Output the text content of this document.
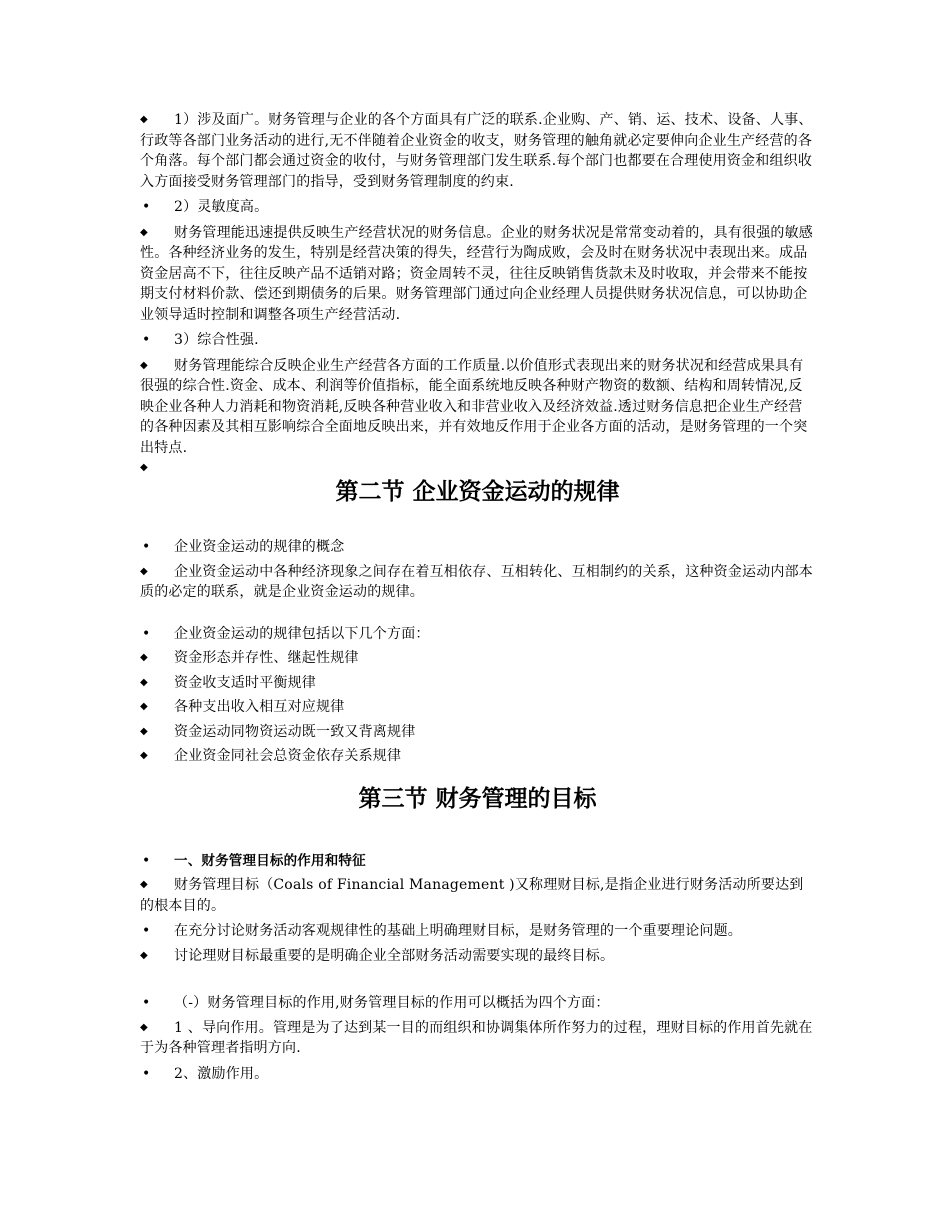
◆	1）涉及面广。财务管理与企业的各个方面具有广泛的联系.企业购、产、销、运、技术、设备、人事、行政等各部门业务活动的进行,无不伴随着企业资金的收支，财务管理的触角就必定要伸向企业生产经营的各个角落。每个部门都会通过资金的收付，与财务管理部门发生联系.每个部门也都要在合理使用资金和组织收入方面接受财务管理部门的指导，受到财务管理制度的约束.

•	2）灵敏度高。

◆	财务管理能迅速提供反映生产经营状况的财务信息。企业的财务状况是常常变动着的，具有很强的敏感性。各种经济业务的发生，特别是经营决策的得失，经营行为陶成败，会及时在财务状况中表现出来。成品资金居高不下，往往反映产品不适销对路；资金周转不灵，往往反映销售货款未及时收取，并会带来不能按期支付材料价款、偿还到期债务的后果。财务管理部门通过向企业经理人员提供财务状况信息，可以协助企业领导适时控制和调整各项生产经营活动.

•	3）综合性强.

◆	财务管理能综合反映企业生产经营各方面的工作质量.以价值形式表现出来的财务状况和经营成果具有很强的综合性.资金、成本、利润等价值指标，能全面系统地反映各种财产物资的数额、结构和周转情况,反映企业各种人力消耗和物资消耗,反映各种营业收入和非营业收入及经济效益.透过财务信息把企业生产经营的各种因素及其相互影响综合全面地反映出来，并有效地反作用于企业各方面的活动，是财务管理的一个突出特点.

◆

第二节 企业资金运动的规律

•	企业资金运动的规律的概念

◆	企业资金运动中各种经济现象之间存在着互相依存、互相转化、互相制约的关系，这种资金运动内部本质的必定的联系，就是企业资金运动的规律。

•	企业资金运动的规律包括以下几个方面：

◆	资金形态并存性、继起性规律

◆	资金收支适时平衡规律

◆	各种支出收入相互对应规律

◆	资金运动同物资运动既一致又背离规律

◆	企业资金同社会总资金依存关系规律

第三节 财务管理的目标

•	一、财务管理目标的作用和特征

◆	财务管理目标（Coals of Financial Management )又称理财目标,是指企业进行财务活动所要达到的根本目的。

•	在充分讨论财务活动客观规律性的基础上明确理财目标，是财务管理的一个重要理论问题。

◆	讨论理财目标最重要的是明确企业全部财务活动需要实现的最终目标。

•	（-）财务管理目标的作用,财务管理目标的作用可以概括为四个方面：

◆	1 、导向作用。管理是为了达到某一目的而组织和协调集体所作努力的过程，理财目标的作用首先就在于为各种管理者指明方向.

•	2、激励作用。
